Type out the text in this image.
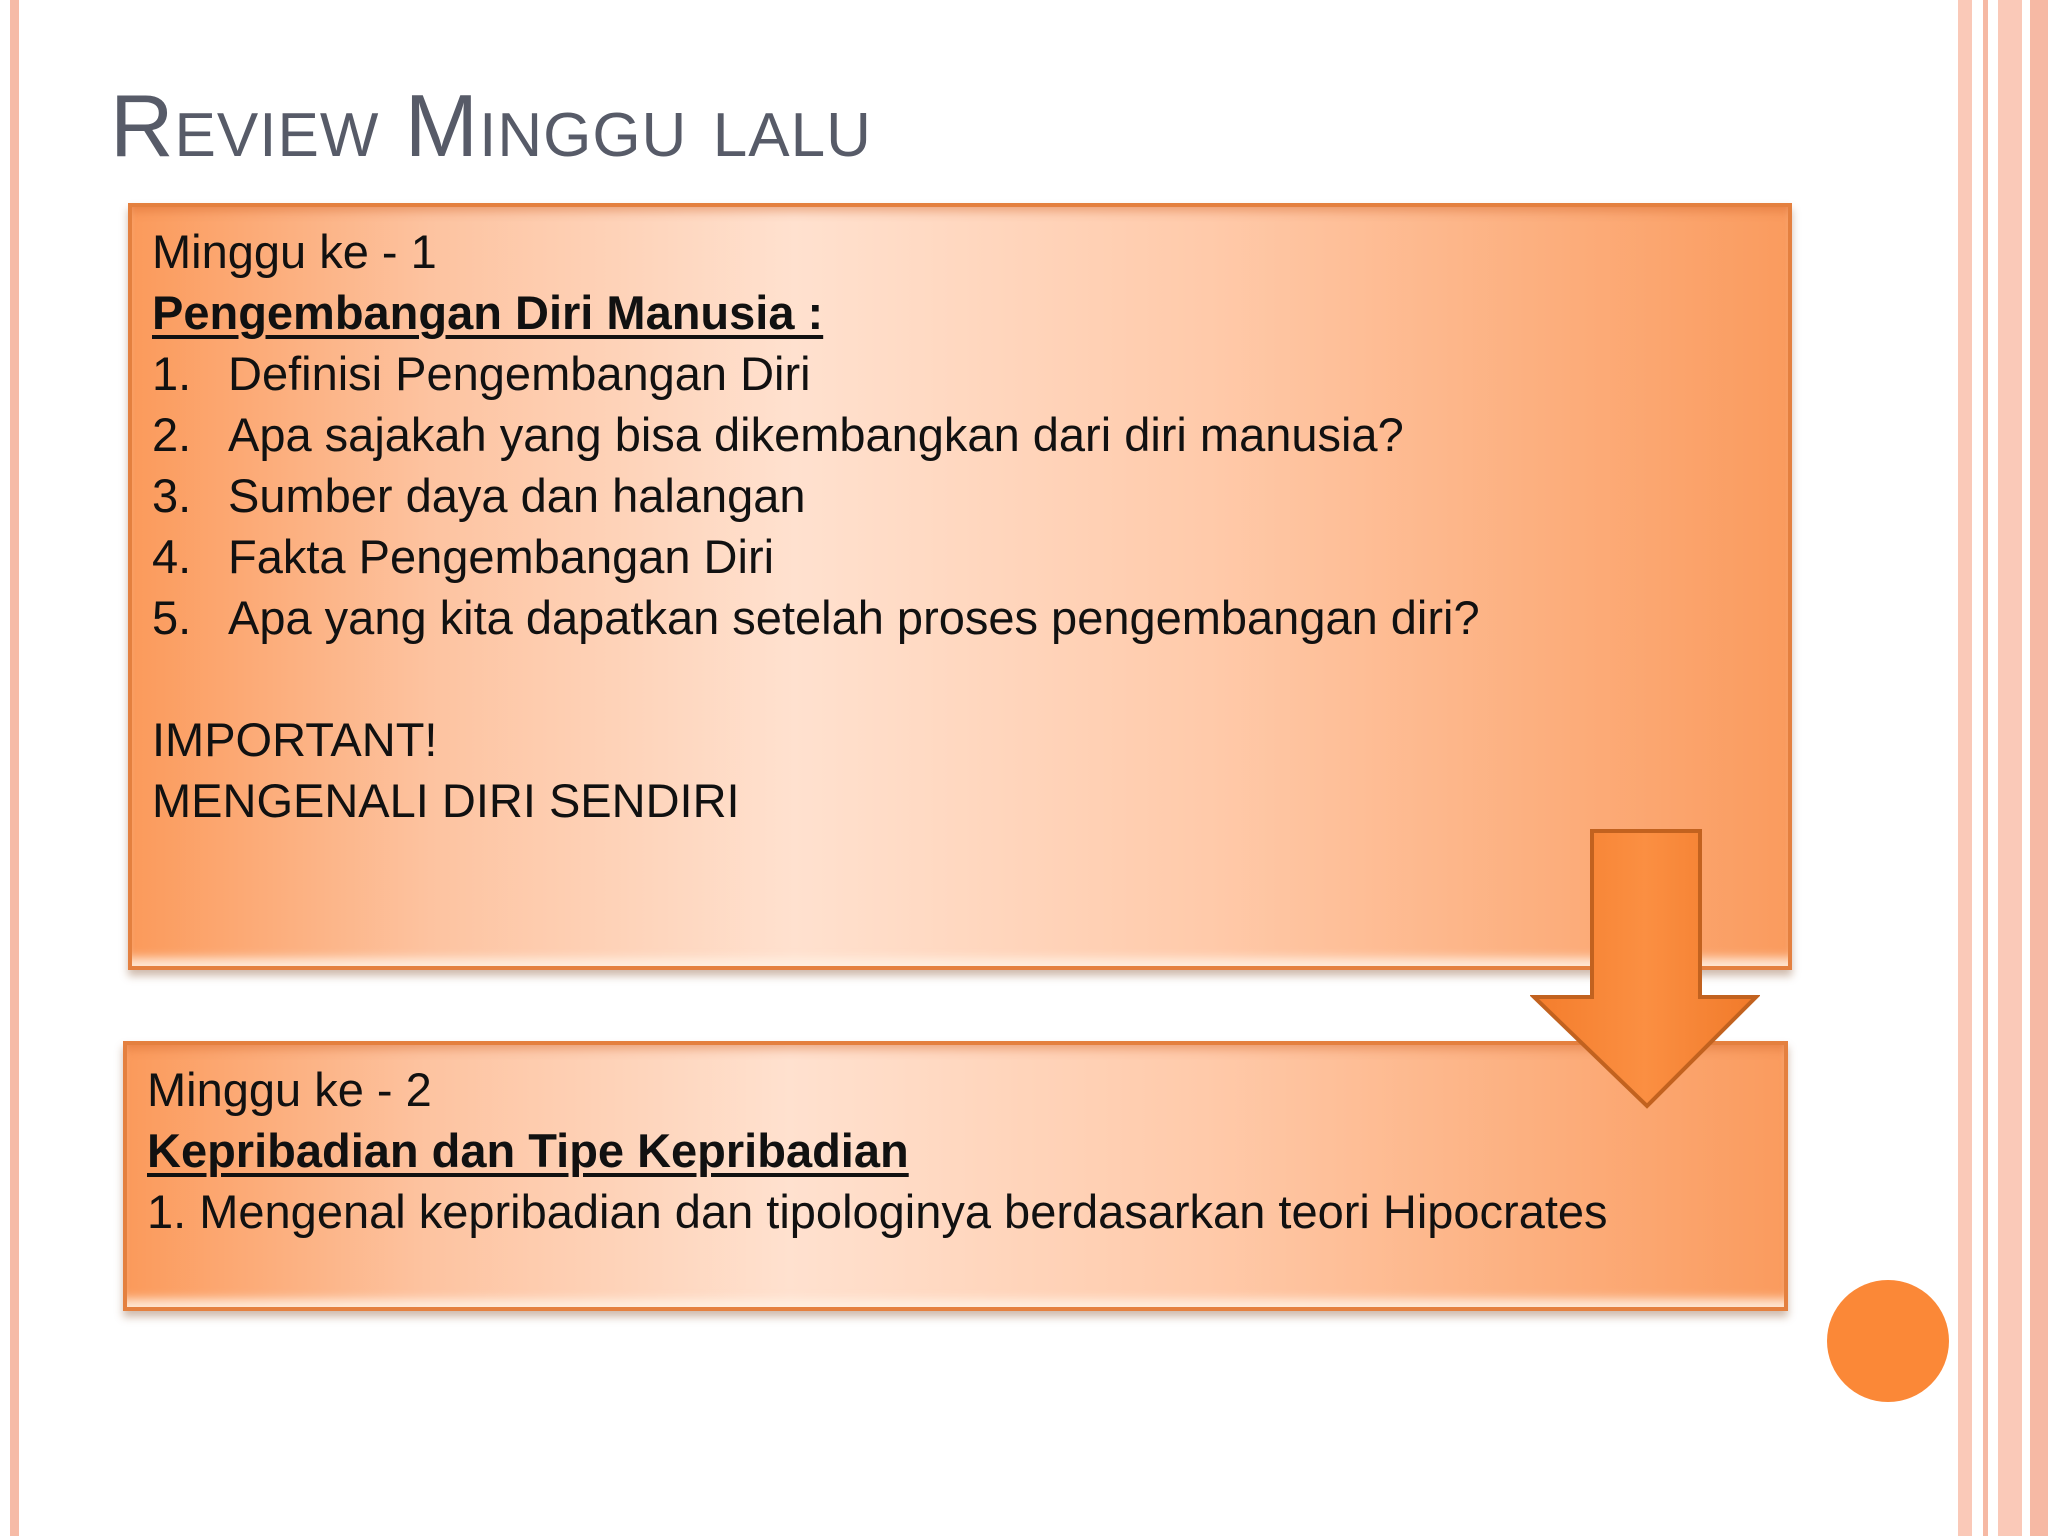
Review Minggu lalu

Minggu ke - 1

Pengembangan Diri Manusia :

1. Definisi Pengembangan Diri
2. Apa sajakah yang bisa dikembangkan dari diri manusia?
3. Sumber daya dan halangan
4. Fakta Pengembangan Diri
5. Apa yang kita dapatkan setelah proses pengembangan diri?

IMPORTANT!

MENGENALI DIRI SENDIRI

Minggu ke - 2

Kepribadian dan Tipe Kepribadian

1. Mengenal kepribadian dan tipologinya berdasarkan teori Hipocrates
